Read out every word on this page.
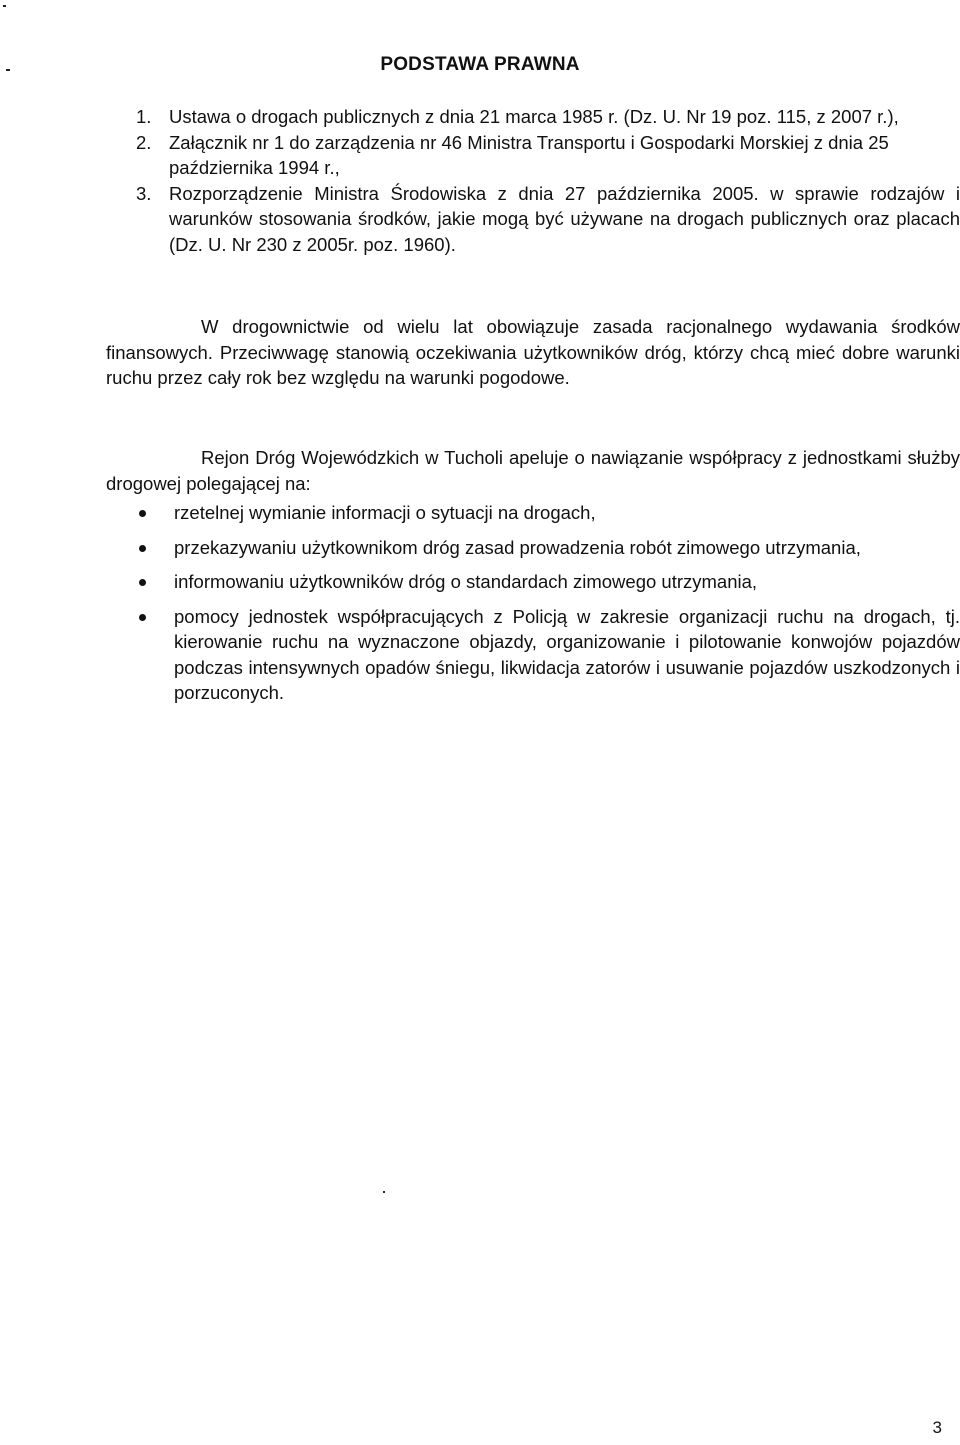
PODSTAWA PRAWNA
1. Ustawa o drogach publicznych z dnia 21 marca 1985 r. (Dz. U. Nr 19 poz. 115, z 2007 r.),
2. Załącznik nr 1 do zarządzenia nr 46 Ministra Transportu i Gospodarki Morskiej z dnia 25 października 1994 r.,
3. Rozporządzenie Ministra Środowiska z dnia 27 października 2005. w sprawie rodzajów i warunków stosowania środków, jakie mogą być używane na drogach publicznych oraz placach (Dz. U. Nr 230 z 2005r. poz. 1960).

W drogownictwie od wielu lat obowiązuje zasada racjonalnego wydawania środków finansowych. Przeciwwagę stanowią oczekiwania użytkowników dróg, którzy chcą mieć dobre warunki ruchu przez cały rok bez względu na warunki pogodowe.

Rejon Dróg Wojewódzkich w Tucholi apeluje o nawiązanie współpracy z jednostkami służby drogowej polegającej na:

rzetelnej wymianie informacji o sytuacji na drogach,
przekazywaniu użytkownikom dróg zasad prowadzenia robót zimowego utrzymania,
informowaniu użytkowników dróg o standardach zimowego utrzymania,
pomocy jednostek współpracujących z Policją w zakresie organizacji ruchu na drogach, tj. kierowanie ruchu na wyznaczone objazdy, organizowanie i pilotowanie konwojów pojazdów podczas intensywnych opadów śniegu, likwidacja zatorów i usuwanie pojazdów uszkodzonych i porzuconych.
3
